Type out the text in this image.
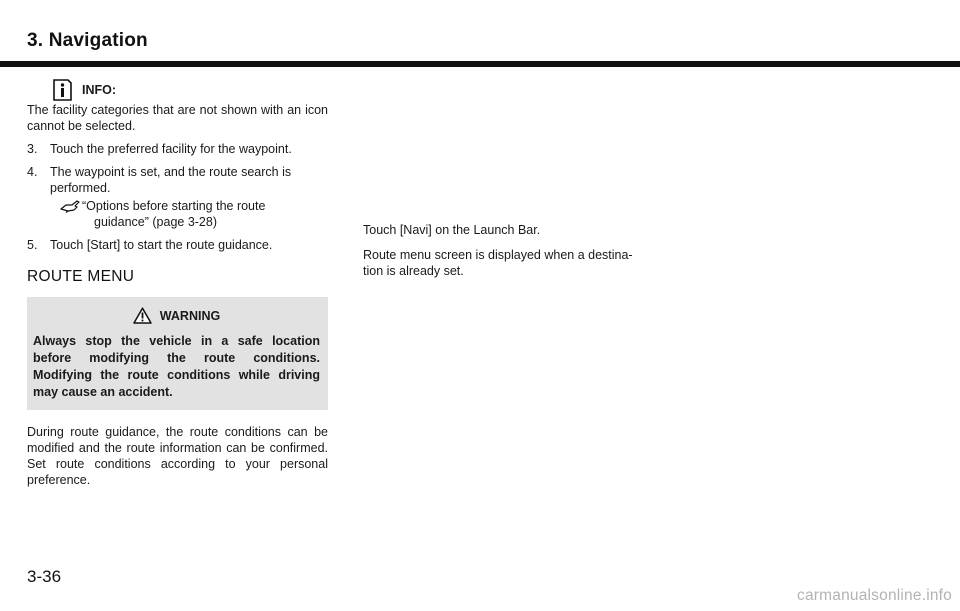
3. Navigation
INFO:
The facility categories that are not shown with an icon cannot be selected.
3.	Touch the preferred facility for the waypoint.
4.	The waypoint is set, and the route search is performed.
“Options before starting the route
guidance” (page 3-28)
5.	Touch [Start] to start the route guidance.
ROUTE MENU
WARNING
Always stop the vehicle in a safe location before modifying the route conditions. Modifying the route conditions while driving may cause an accident.
During route guidance, the route conditions can be modified and the route information can be confirmed. Set route conditions according to your personal preference.
Touch [Navi] on the Launch Bar.
Route menu screen is displayed when a destina-
tion is already set.
3-36
carmanualsonline.info
